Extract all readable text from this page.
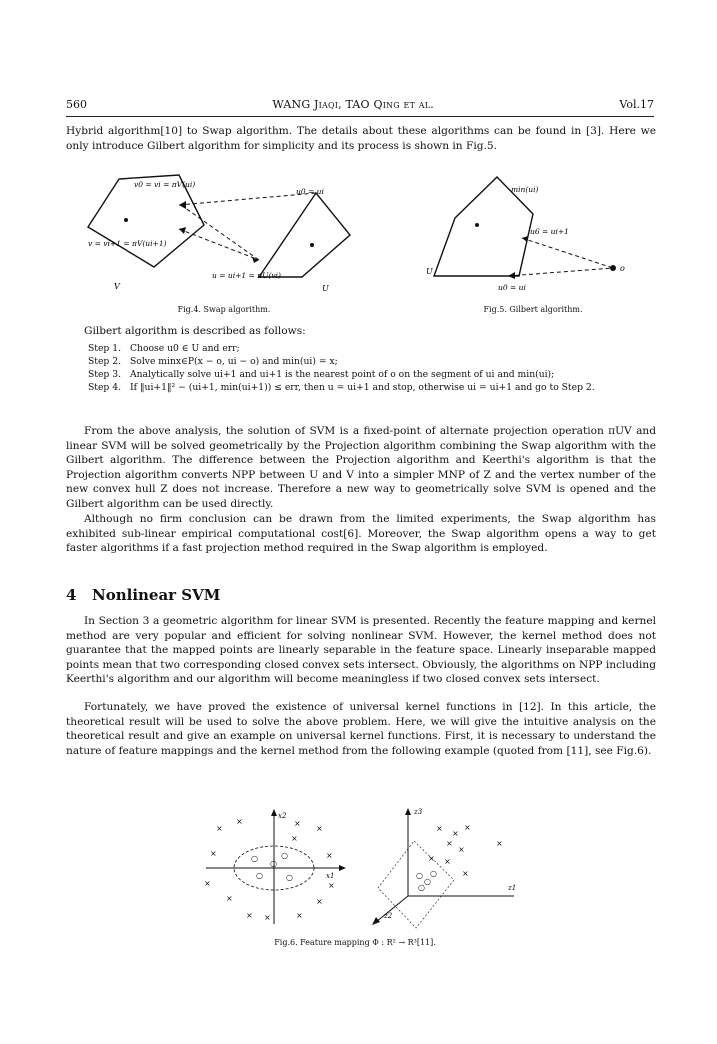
560	WANG Jiaqi, TAO Qing et al.	Vol.17
Hybrid algorithm[10] to Swap algorithm. The details about these algorithms can be found in [3]. Here we only introduce Gilbert algorithm for simplicity and its process is shown in Fig.5.
v0 = vi = πV(ui)
u0 = ui
v = vi+1 = πV(ui+1)
u = ui+1 = πU(vi)
V	U
Fig.4. Swap algorithm.
min(ui)
u6 = ui+1
U	o
u0 = ui
Fig.5. Gilbert algorithm.
Gilbert algorithm is described as follows:
Step 1. Choose u0 ∈ U and err;
Step 2. Solve minx∈P(x − o, ui − o) and min(ui) = x;
Step 3. Analytically solve ui+1 and ui+1 is the nearest point of o on the segment of ui and min(ui);
Step 4. If ‖ui+1‖² − (ui+1, min(ui+1)) ≤ err, then u = ui+1 and stop, otherwise ui = ui+1 and go to Step 2.
From the above analysis, the solution of SVM is a fixed-point of alternate projection operation πUV and linear SVM will be solved geometrically by the Projection algorithm combining the Swap algorithm with the Gilbert algorithm. The difference between the Projection algorithm and Keerthi's algorithm is that the Projection algorithm converts NPP between U and V into a simpler MNP of Z and the vertex number of the new convex hull Z does not increase. Therefore a new way to geometrically solve SVM is opened and the Gilbert algorithm can be used directly.
Although no firm conclusion can be drawn from the limited experiments, the Swap algorithm has exhibited sub-linear empirical computational cost[6]. Moreover, the Swap algorithm opens a way to get faster algorithms if a fast projection method required in the Swap algorithm is employed.
4 Nonlinear SVM
In Section 3 a geometric algorithm for linear SVM is presented. Recently the feature mapping and kernel method are very popular and efficient for solving nonlinear SVM. However, the kernel method does not guarantee that the mapped points are linearly separable in the feature space. Linearly inseparable mapped points mean that two corresponding closed convex sets intersect. Obviously, the algorithms on NPP including Keerthi's algorithm and our algorithm will become meaningless if two closed convex sets intersect.
Fortunately, we have proved the existence of universal kernel functions in [12]. In this article, the theoretical result will be used to solve the above problem. Here, we will give the intuitive analysis on the theoretical result and give an example on universal kernel functions. First, it is necessary to understand the nature of feature mappings and the kernel method from the following example (quoted from [11], see Fig.6).
×
×	×
×
×
×	×
×	×
×	×
×	×
×
○	○
○	○
○
x2
x1
×
×
×
×
×
× ×
×
×
○
○
○
○
z3
z1
z2
Fig.6. Feature mapping Φ : R² → R³[11].
